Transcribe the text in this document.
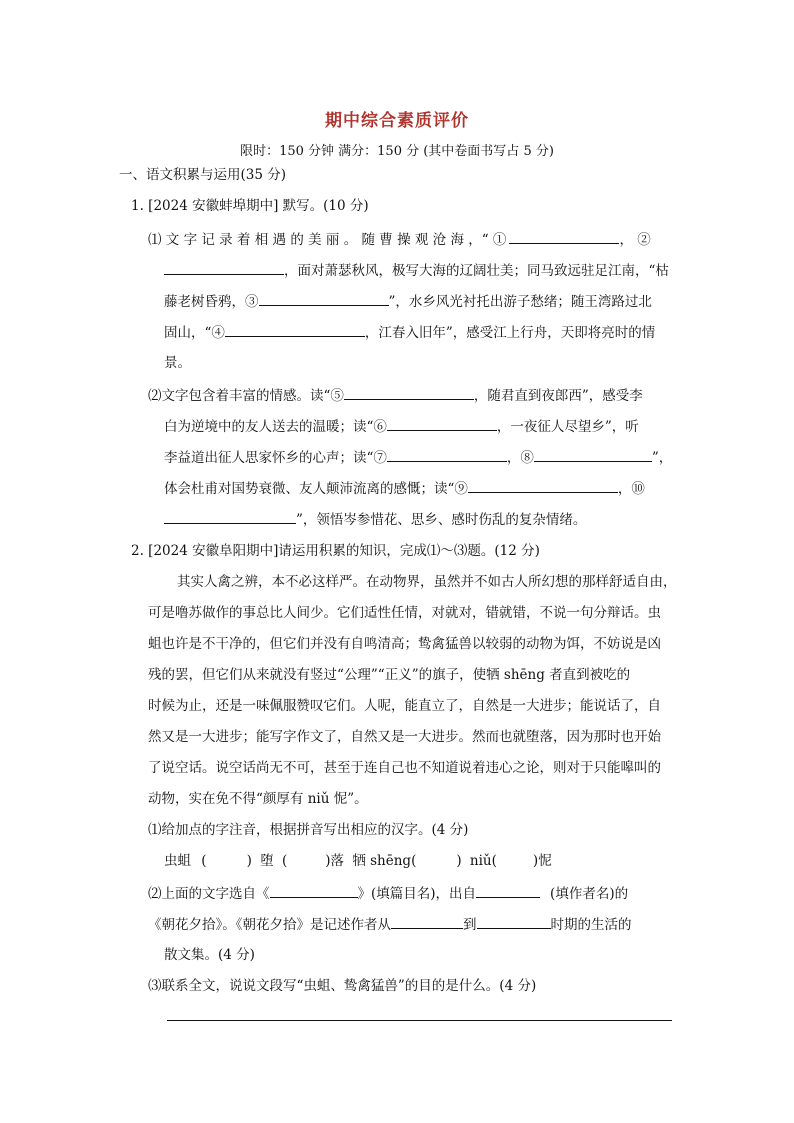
期中综合素质评价
限时：150 分钟 满分：150 分 (其中卷面书写占 5 分)
一、语文积累与运用(35 分)
1. [2024 安徽蚌埠期中] 默写。(10 分)
⑴ 文 字 记 录 着 相 遇 的 美 丽 。 随 曹 操 观 沧 海 ，“ ①	， ②
，面对萧瑟秋风，极写大海的辽阔壮美；同马致远驻足江南，“枯
藤老树昏鸦，③	”，水乡风光衬托出游子愁绪；随王湾路过北
固山，“④	，江春入旧年”，感受江上行舟，天即将亮时的情
景。
⑵文字包含着丰富的情感。读“⑤	，随君直到夜郎西”，感受李
白为逆境中的友人送去的温暖；读“⑥	，一夜征人尽望乡”，听
李益道出征人思家怀乡的心声；读“⑦	，⑧	”，
体会杜甫对国势衰微、友人颠沛流离的感慨；读“⑨	，⑩
”，领悟岑参惜花、思乡、感时伤乱的复杂情绪。
2. [2024 安徽阜阳期中]请运用积累的知识，完成⑴～⑶题。(12 分)
其实人禽之辨，本不必这样严。在动物界，虽然并不如古人所幻想的那样舒适自由，
可是噜苏做作的事总比人间少。它们适性任情，对就对，错就错，不说一句分辩话。虫
蛆也许是不干净的，但它们并没有自鸣清高；鸷禽猛兽以较弱的动物为饵，不妨说是凶
残的罢，但它们从来就没有竖过“公理”“正义”的旗子，使牺 shēng 者直到被吃的
时候为止，还是一味佩服赞叹它们。人呢，能直立了，自然是一大进步；能说话了，自
然又是一大进步；能写字作文了，自然又是一大进步。然而也就堕落，因为那时也开始
了说空话。说空话尚无不可，甚至于连自己也不知道说着违心之论，则对于只能嗥叫的
动物，实在免不得“颜厚有 niǔ 怩”。
⑴给加点的字注音，根据拼音写出相应的汉字。(4 分)
虫蛆 (	) 堕 (	)落 牺 shēng(	) niǔ(	)怩
⑵上面的文字选自《	》(填篇目名)，出自	(填作者名)的
《朝花夕拾》。《朝花夕拾》是记述作者从	到	时期的生活的
散文集。(4 分)
⑶联系全文，说说文段写“虫蛆、鸷禽猛兽”的目的是什么。(4 分)
